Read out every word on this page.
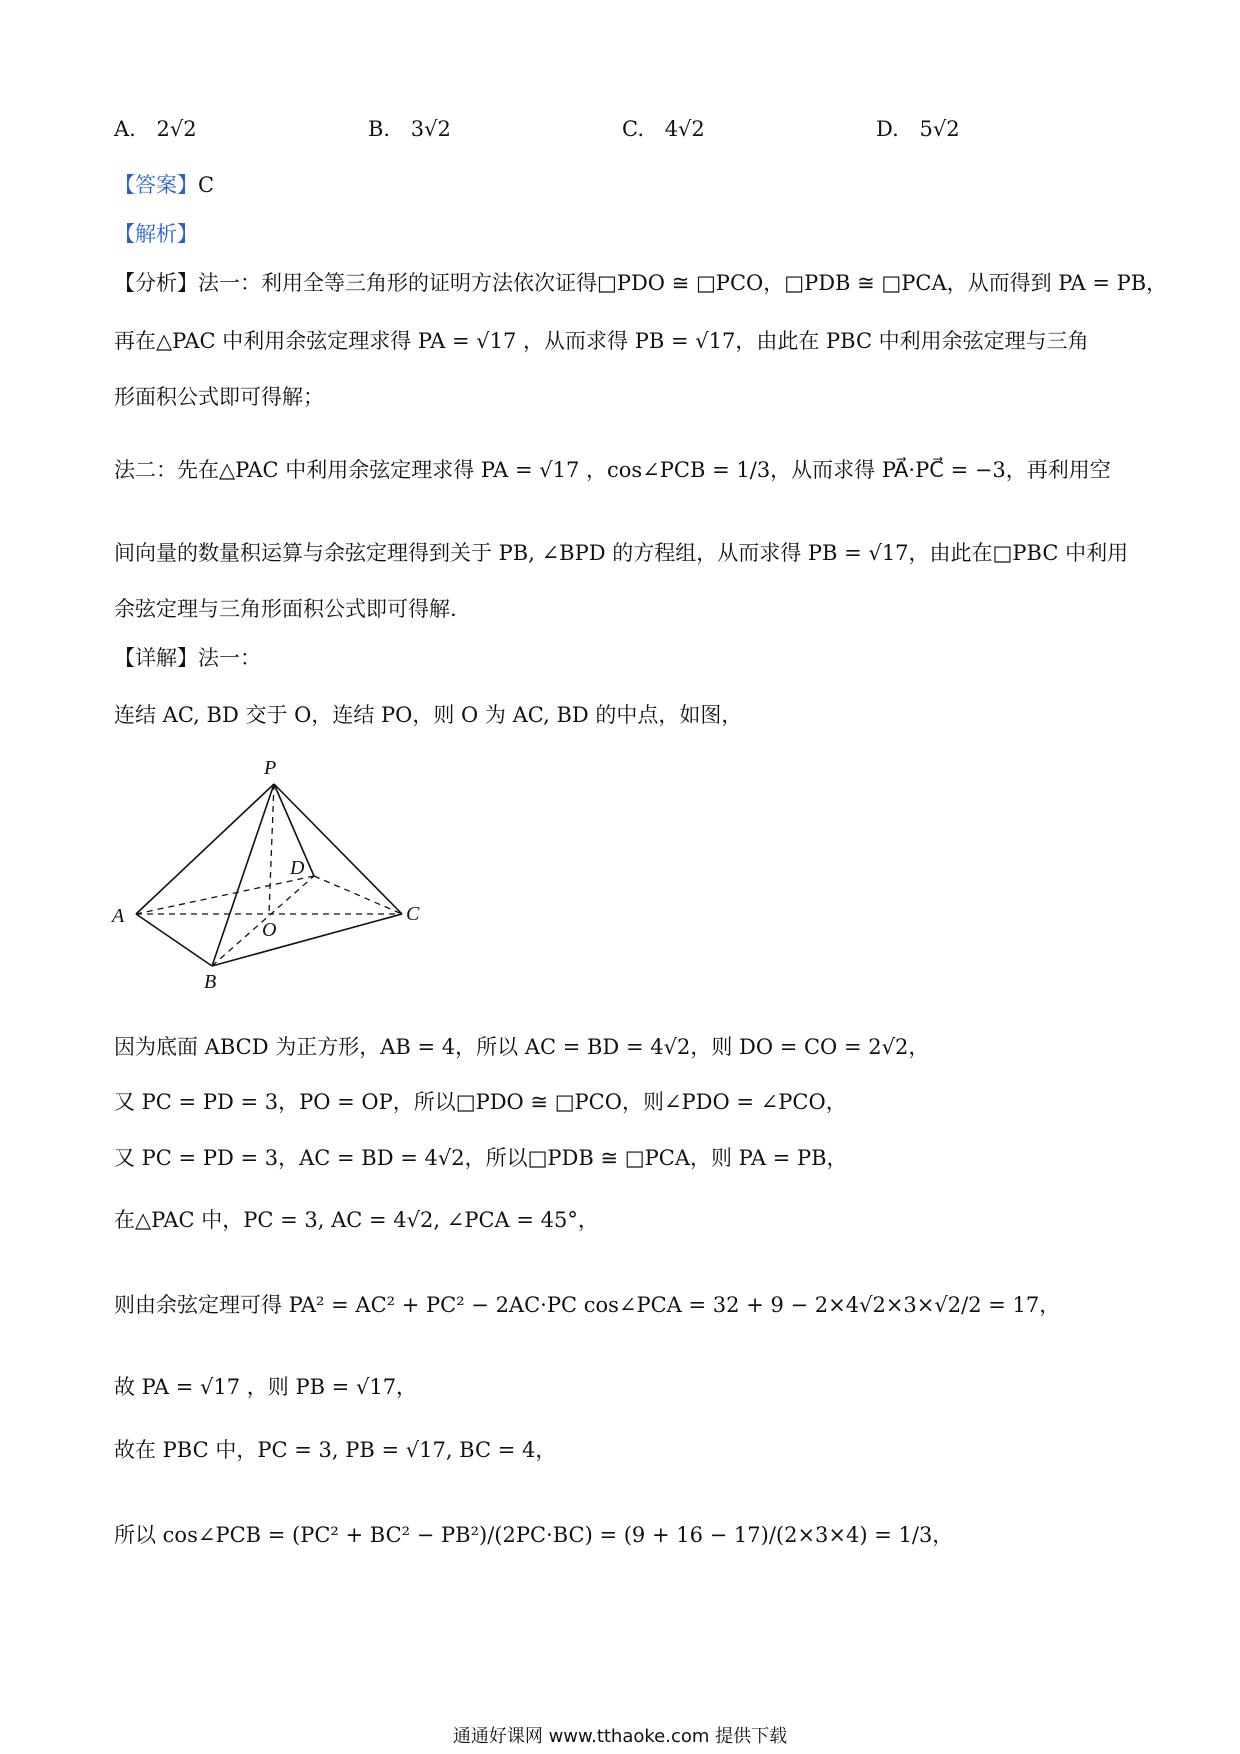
A. 2√2	B. 3√2	C. 4√2	D. 5√2
【答案】C
【解析】
【分析】法一：利用全等三角形的证明方法依次证得□PDO ≅ □PCO，□PDB ≅ □PCA，从而得到 PA = PB，
再在△PAC 中利用余弦定理求得 PA = √17 ，从而求得 PB = √17，由此在 PBC 中利用余弦定理与三角
形面积公式即可得解；
法二：先在△PAC 中利用余弦定理求得 PA = √17 ，cos∠PCB = 1/3，从而求得 PA⃗·PC⃗ = −3，再利用空
间向量的数量积运算与余弦定理得到关于 PB, ∠BPD 的方程组，从而求得 PB = √17，由此在□PBC 中利用
余弦定理与三角形面积公式即可得解.
【详解】法一：
连结 AC, BD 交于 O，连结 PO，则 O 为 AC, BD 的中点，如图，
P
A
B
C
D
O
因为底面 ABCD 为正方形，AB = 4，所以 AC = BD = 4√2，则 DO = CO = 2√2，
又 PC = PD = 3，PO = OP，所以□PDO ≅ □PCO，则∠PDO = ∠PCO，
又 PC = PD = 3，AC = BD = 4√2，所以□PDB ≅ □PCA，则 PA = PB，
在△PAC 中，PC = 3, AC = 4√2, ∠PCA = 45°，
则由余弦定理可得 PA² = AC² + PC² − 2AC·PC cos∠PCA = 32 + 9 − 2×4√2×3×√2/2 = 17，
故 PA = √17 ，则 PB = √17，
故在 PBC 中，PC = 3, PB = √17, BC = 4，
所以 cos∠PCB = (PC² + BC² − PB²)/(2PC·BC) = (9 + 16 − 17)/(2×3×4) = 1/3，
通通好课网 www.tthaoke.com 提供下载
